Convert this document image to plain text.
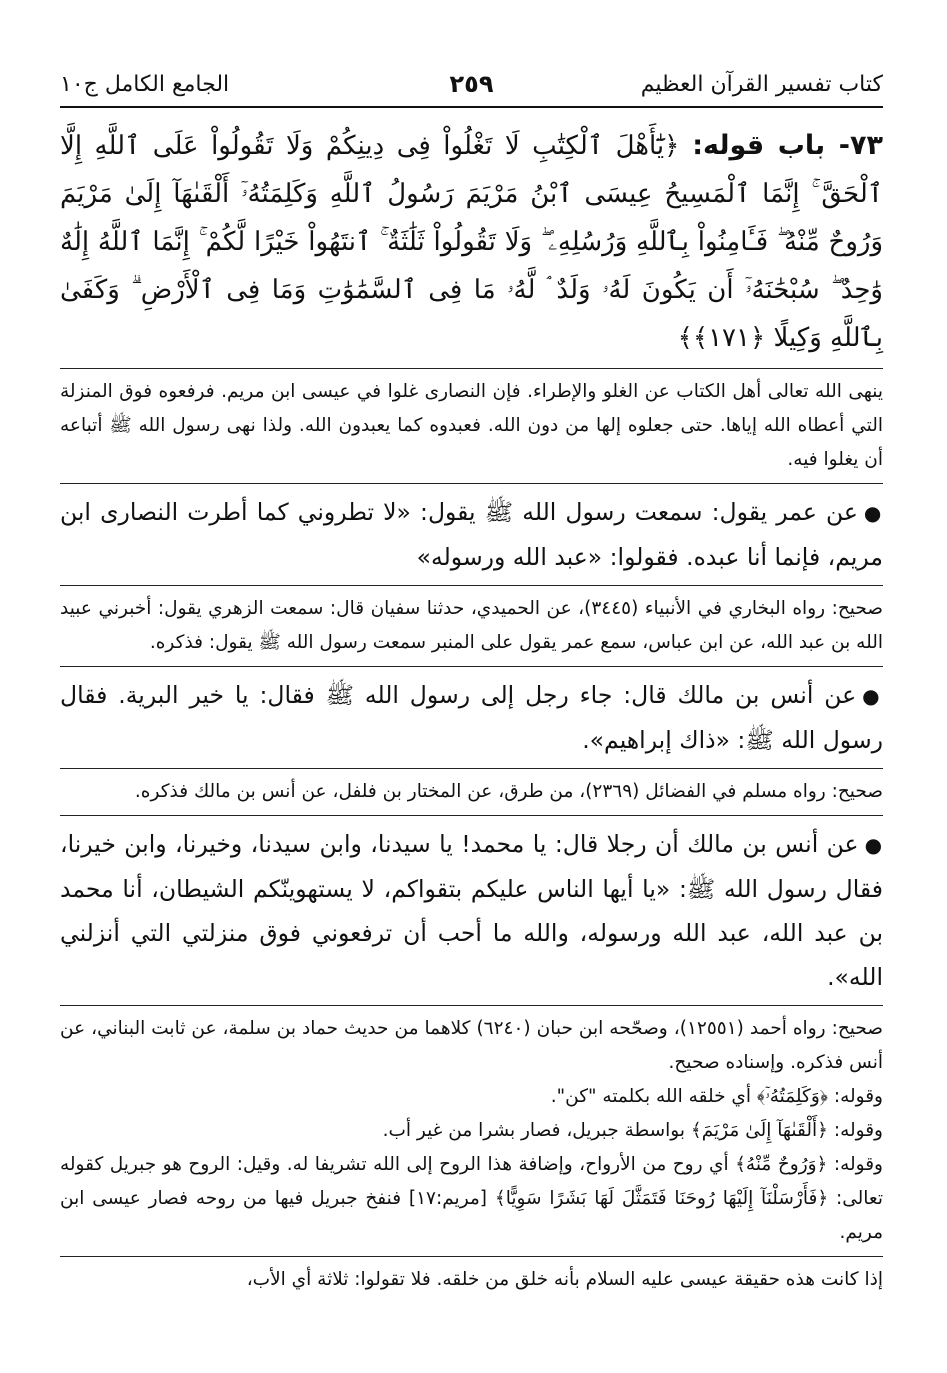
كتاب تفسير القرآن العظيم
٢٥٩
الجامع الكامل ج١٠

٧٣- باب قوله: ﴿يَٰٓأَهْلَ ٱلْكِتَٰبِ لَا تَغْلُواْ فِى دِينِكُمْ وَلَا تَقُولُواْ عَلَى ٱللَّهِ إِلَّا ٱلْحَقَّ ۚ إِنَّمَا ٱلْمَسِيحُ عِيسَى ٱبْنُ مَرْيَمَ رَسُولُ ٱللَّهِ وَكَلِمَتُهُۥٓ أَلْقَىٰهَآ إِلَىٰ مَرْيَمَ وَرُوحٌ مِّنْهُ ۖ فَـَٔامِنُواْ بِٱللَّهِ وَرُسُلِهِۦ ۖ وَلَا تَقُولُواْ ثَلَٰثَةٌ ۚ ٱنتَهُواْ خَيْرًا لَّكُمْ ۚ إِنَّمَا ٱللَّهُ إِلَٰهٌ وَٰحِدٌ ۖ سُبْحَٰنَهُۥٓ أَن يَكُونَ لَهُۥ وَلَدٌ ۘ لَّهُۥ مَا فِى ٱلسَّمَٰوَٰتِ وَمَا فِى ٱلْأَرْضِ ۗ وَكَفَىٰ بِٱللَّهِ وَكِيلًا ﴿١٧١﴾﴾

ينهى الله تعالى أهل الكتاب عن الغلو والإطراء. فإن النصارى غلوا في عيسى ابن مريم. فرفعوه فوق المنزلة التي أعطاه الله إياها. حتى جعلوه إلها من دون الله. فعبدوه كما يعبدون الله. ولذا نهى رسول الله ﷺ أتباعه أن يغلوا فيه.

●عن عمر يقول: سمعت رسول الله ﷺ يقول: «لا تطروني كما أطرت النصارى ابن مريم، فإنما أنا عبده. فقولوا: «عبد الله ورسوله»

صحيح: رواه البخاري في الأنبياء (٣٤٤٥)، عن الحميدي، حدثنا سفيان قال: سمعت الزهري يقول: أخبرني عبيد الله بن عبد الله، عن ابن عباس، سمع عمر يقول على المنبر سمعت رسول الله ﷺ يقول: فذكره.

●عن أنس بن مالك قال: جاء رجل إلى رسول الله ﷺ فقال: يا خير البرية. فقال رسول الله ﷺ: «ذاك إبراهيم».

صحيح: رواه مسلم في الفضائل (٢٣٦٩)، من طرق، عن المختار بن فلفل، عن أنس بن مالك فذكره.

●عن أنس بن مالك أن رجلا قال: يا محمد! يا سيدنا، وابن سيدنا، وخيرنا، وابن خيرنا، فقال رسول الله ﷺ: «يا أيها الناس عليكم بتقواكم، لا يستهوينّكم الشيطان، أنا محمد بن عبد الله، عبد الله ورسوله، والله ما أحب أن ترفعوني فوق منزلتي التي أنزلني الله».

صحيح: رواه أحمد (١٢٥٥١)، وصحّحه ابن حبان (٦٢٤٠) كلاهما من حديث حماد بن سلمة، عن ثابت البناني، عن أنس فذكره. وإسناده صحيح.

وقوله: ﴿وَكَلِمَتُهُۥٓ﴾ أي خلقه الله بكلمته "كن".

وقوله: ﴿أَلْقَىٰهَآ إِلَىٰ مَرْيَمَ﴾ بواسطة جبريل، فصار بشرا من غير أب.

وقوله: ﴿وَرُوحٌ مِّنْهُ﴾ أي روح من الأرواح، وإضافة هذا الروح إلى الله تشريفا له. وقيل: الروح هو جبريل كقوله تعالى: ﴿فَأَرْسَلْنَآ إِلَيْهَا رُوحَنَا فَتَمَثَّلَ لَهَا بَشَرًا سَوِيًّا﴾ [مريم:١٧] فنفخ جبريل فيها من روحه فصار عيسى ابن مريم.

إذا كانت هذه حقيقة عيسى عليه السلام بأنه خلق من خلقه. فلا تقولوا: ثلاثة أي الأب،
